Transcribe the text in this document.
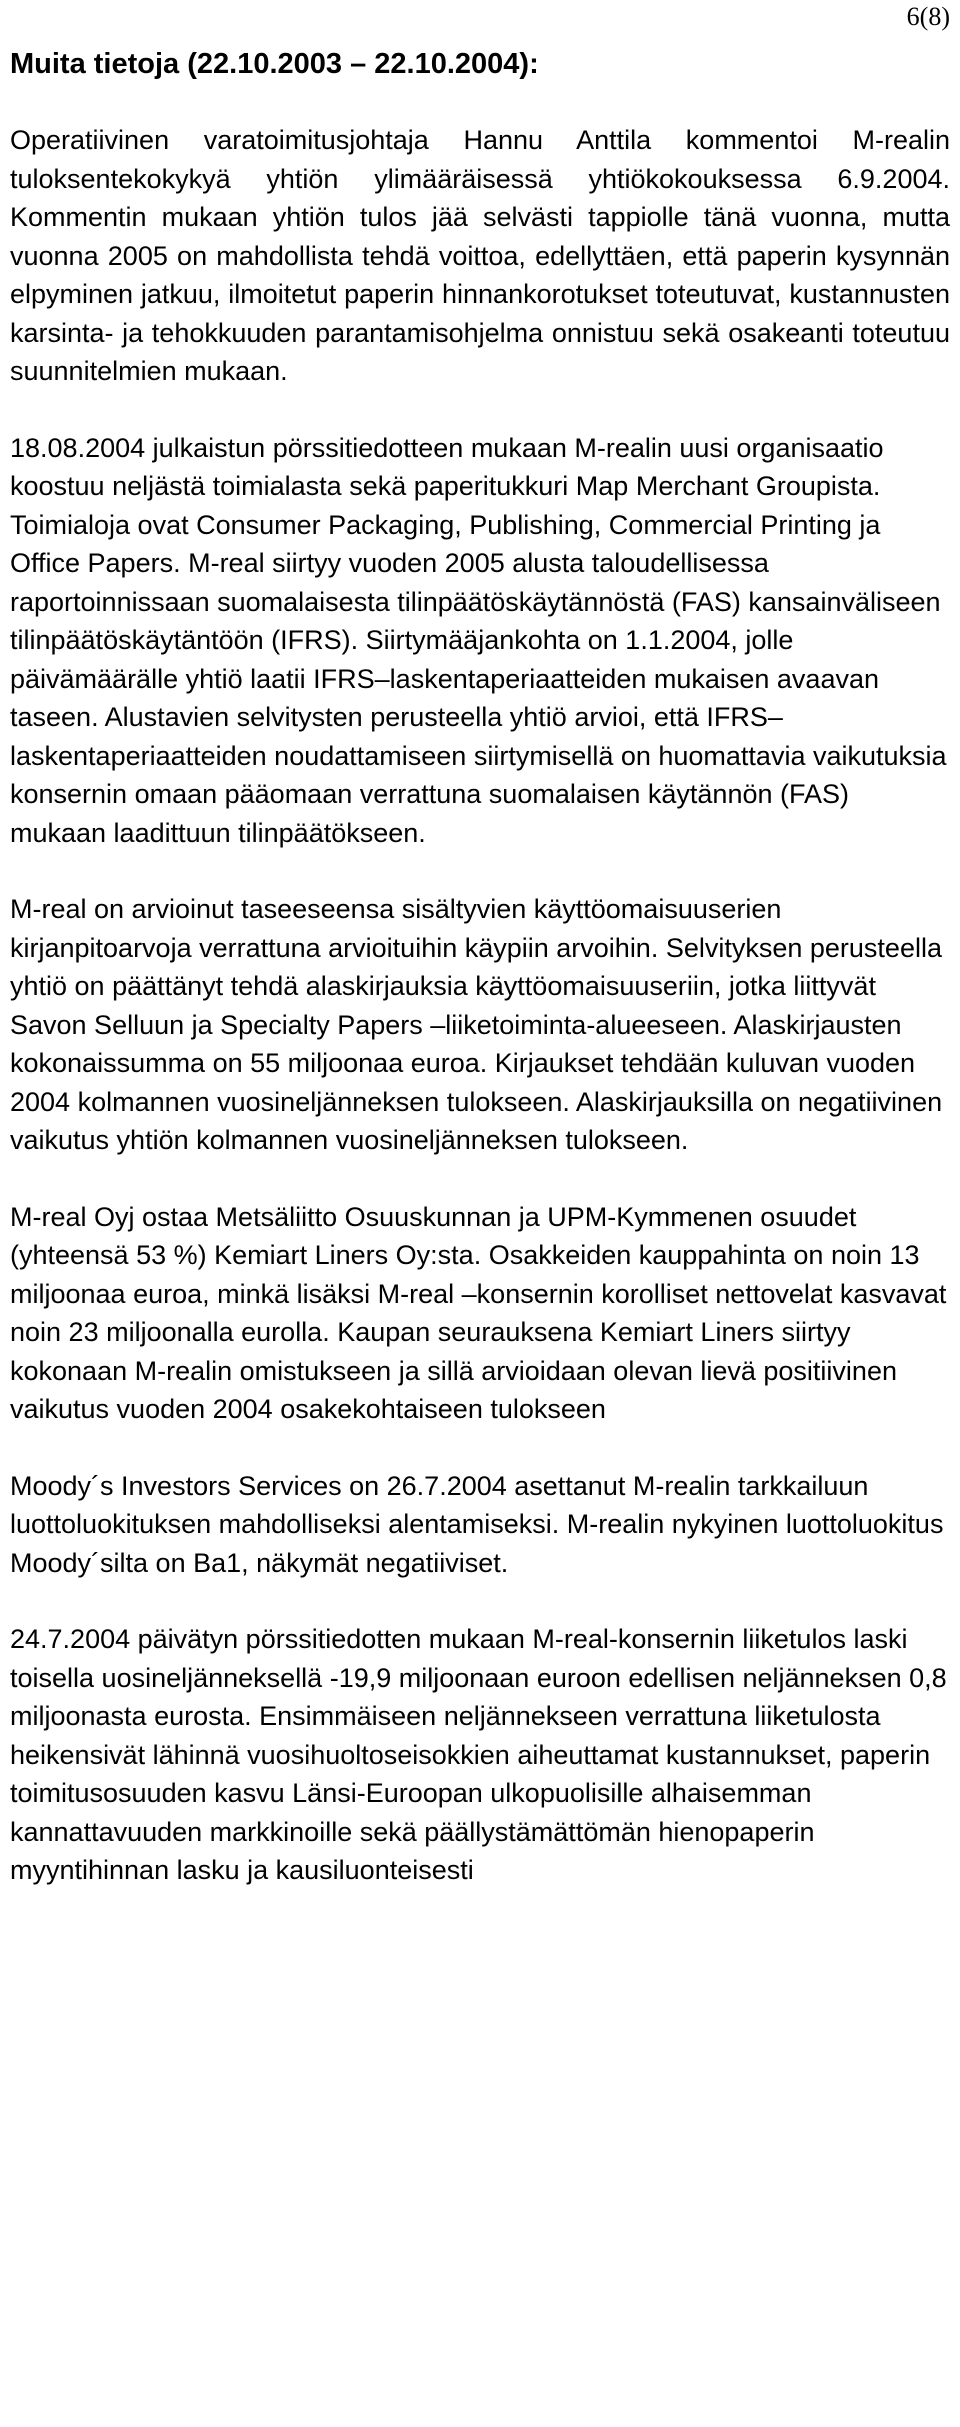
6(8)
Muita tietoja (22.10.2003 – 22.10.2004):

Operatiivinen varatoimitusjohtaja Hannu Anttila kommentoi M-realin tuloksentekokykyä yhtiön ylimääräisessä yhtiökokouksessa 6.9.2004. Kommentin mukaan yhtiön tulos jää selvästi tappiolle tänä vuonna, mutta vuonna 2005 on mahdollista tehdä voittoa, edellyttäen, että paperin kysynnän elpyminen jatkuu, ilmoitetut paperin hinnankorotukset toteutuvat, kustannusten karsinta- ja tehokkuuden parantamisohjelma onnistuu sekä osakeanti toteutuu suunnitelmien mukaan.

18.08.2004 julkaistun pörssitiedotteen mukaan M-realin uusi organisaatio koostuu neljästä toimialasta sekä paperitukkuri Map Merchant Groupista. Toimialoja ovat Consumer Packaging, Publishing, Commercial Printing ja Office Papers. M-real siirtyy vuoden 2005 alusta taloudellisessa raportoinnissaan suomalaisesta tilinpäätöskäytännöstä (FAS) kansainväliseen tilinpäätöskäytäntöön (IFRS). Siirtymääjankohta on 1.1.2004, jolle päivämäärälle yhtiö laatii IFRS–laskentaperiaatteiden mukaisen avaavan taseen. Alustavien selvitysten perusteella yhtiö arvioi, että IFRS–laskentaperiaatteiden noudattamiseen siirtymisellä on huomattavia vaikutuksia konsernin omaan pääomaan verrattuna suomalaisen käytännön (FAS) mukaan laadittuun tilinpäätökseen.

M-real on arvioinut taseeseensa sisältyvien käyttöomaisuuserien kirjanpitoarvoja verrattuna arvioituihin käypiin arvoihin. Selvityksen perusteella yhtiö on päättänyt tehdä alaskirjauksia käyttöomaisuuseriin, jotka liittyvät Savon Selluun ja Specialty Papers –liiketoiminta-alueeseen. Alaskirjausten kokonaissumma on 55 miljoonaa euroa. Kirjaukset tehdään kuluvan vuoden 2004 kolmannen vuosineljänneksen tulokseen. Alaskirjauksilla on negatiivinen vaikutus yhtiön kolmannen vuosineljänneksen tulokseen.

M-real Oyj ostaa Metsäliitto Osuuskunnan ja UPM-Kymmenen osuudet (yhteensä 53 %) Kemiart Liners Oy:sta. Osakkeiden kauppahinta on noin 13 miljoonaa euroa, minkä lisäksi M-real –konsernin korolliset nettovelat kasvavat noin 23 miljoonalla eurolla. Kaupan seurauksena Kemiart Liners siirtyy kokonaan M-realin omistukseen ja sillä arvioidaan olevan lievä positiivinen vaikutus vuoden 2004 osakekohtaiseen tulokseen

Moody´s Investors Services on 26.7.2004 asettanut M-realin tarkkailuun luottoluokituksen mahdolliseksi alentamiseksi. M-realin nykyinen luottoluokitus Moody´silta on Ba1, näkymät negatiiviset.

24.7.2004 päivätyn pörssitiedotten mukaan M-real-konsernin liiketulos laski toisella uosineljänneksellä -19,9 miljoonaan euroon edellisen neljänneksen 0,8 miljoonasta eurosta. Ensimmäiseen neljännekseen verrattuna liiketulosta heikensivät lähinnä vuosihuoltoseisokkien aiheuttamat kustannukset, paperin toimitusosuuden kasvu Länsi-Euroopan ulkopuolisille alhaisemman kannattavuuden markkinoille sekä päällystämättömän hienopaperin myyntihinnan lasku ja kausiluonteisesti
